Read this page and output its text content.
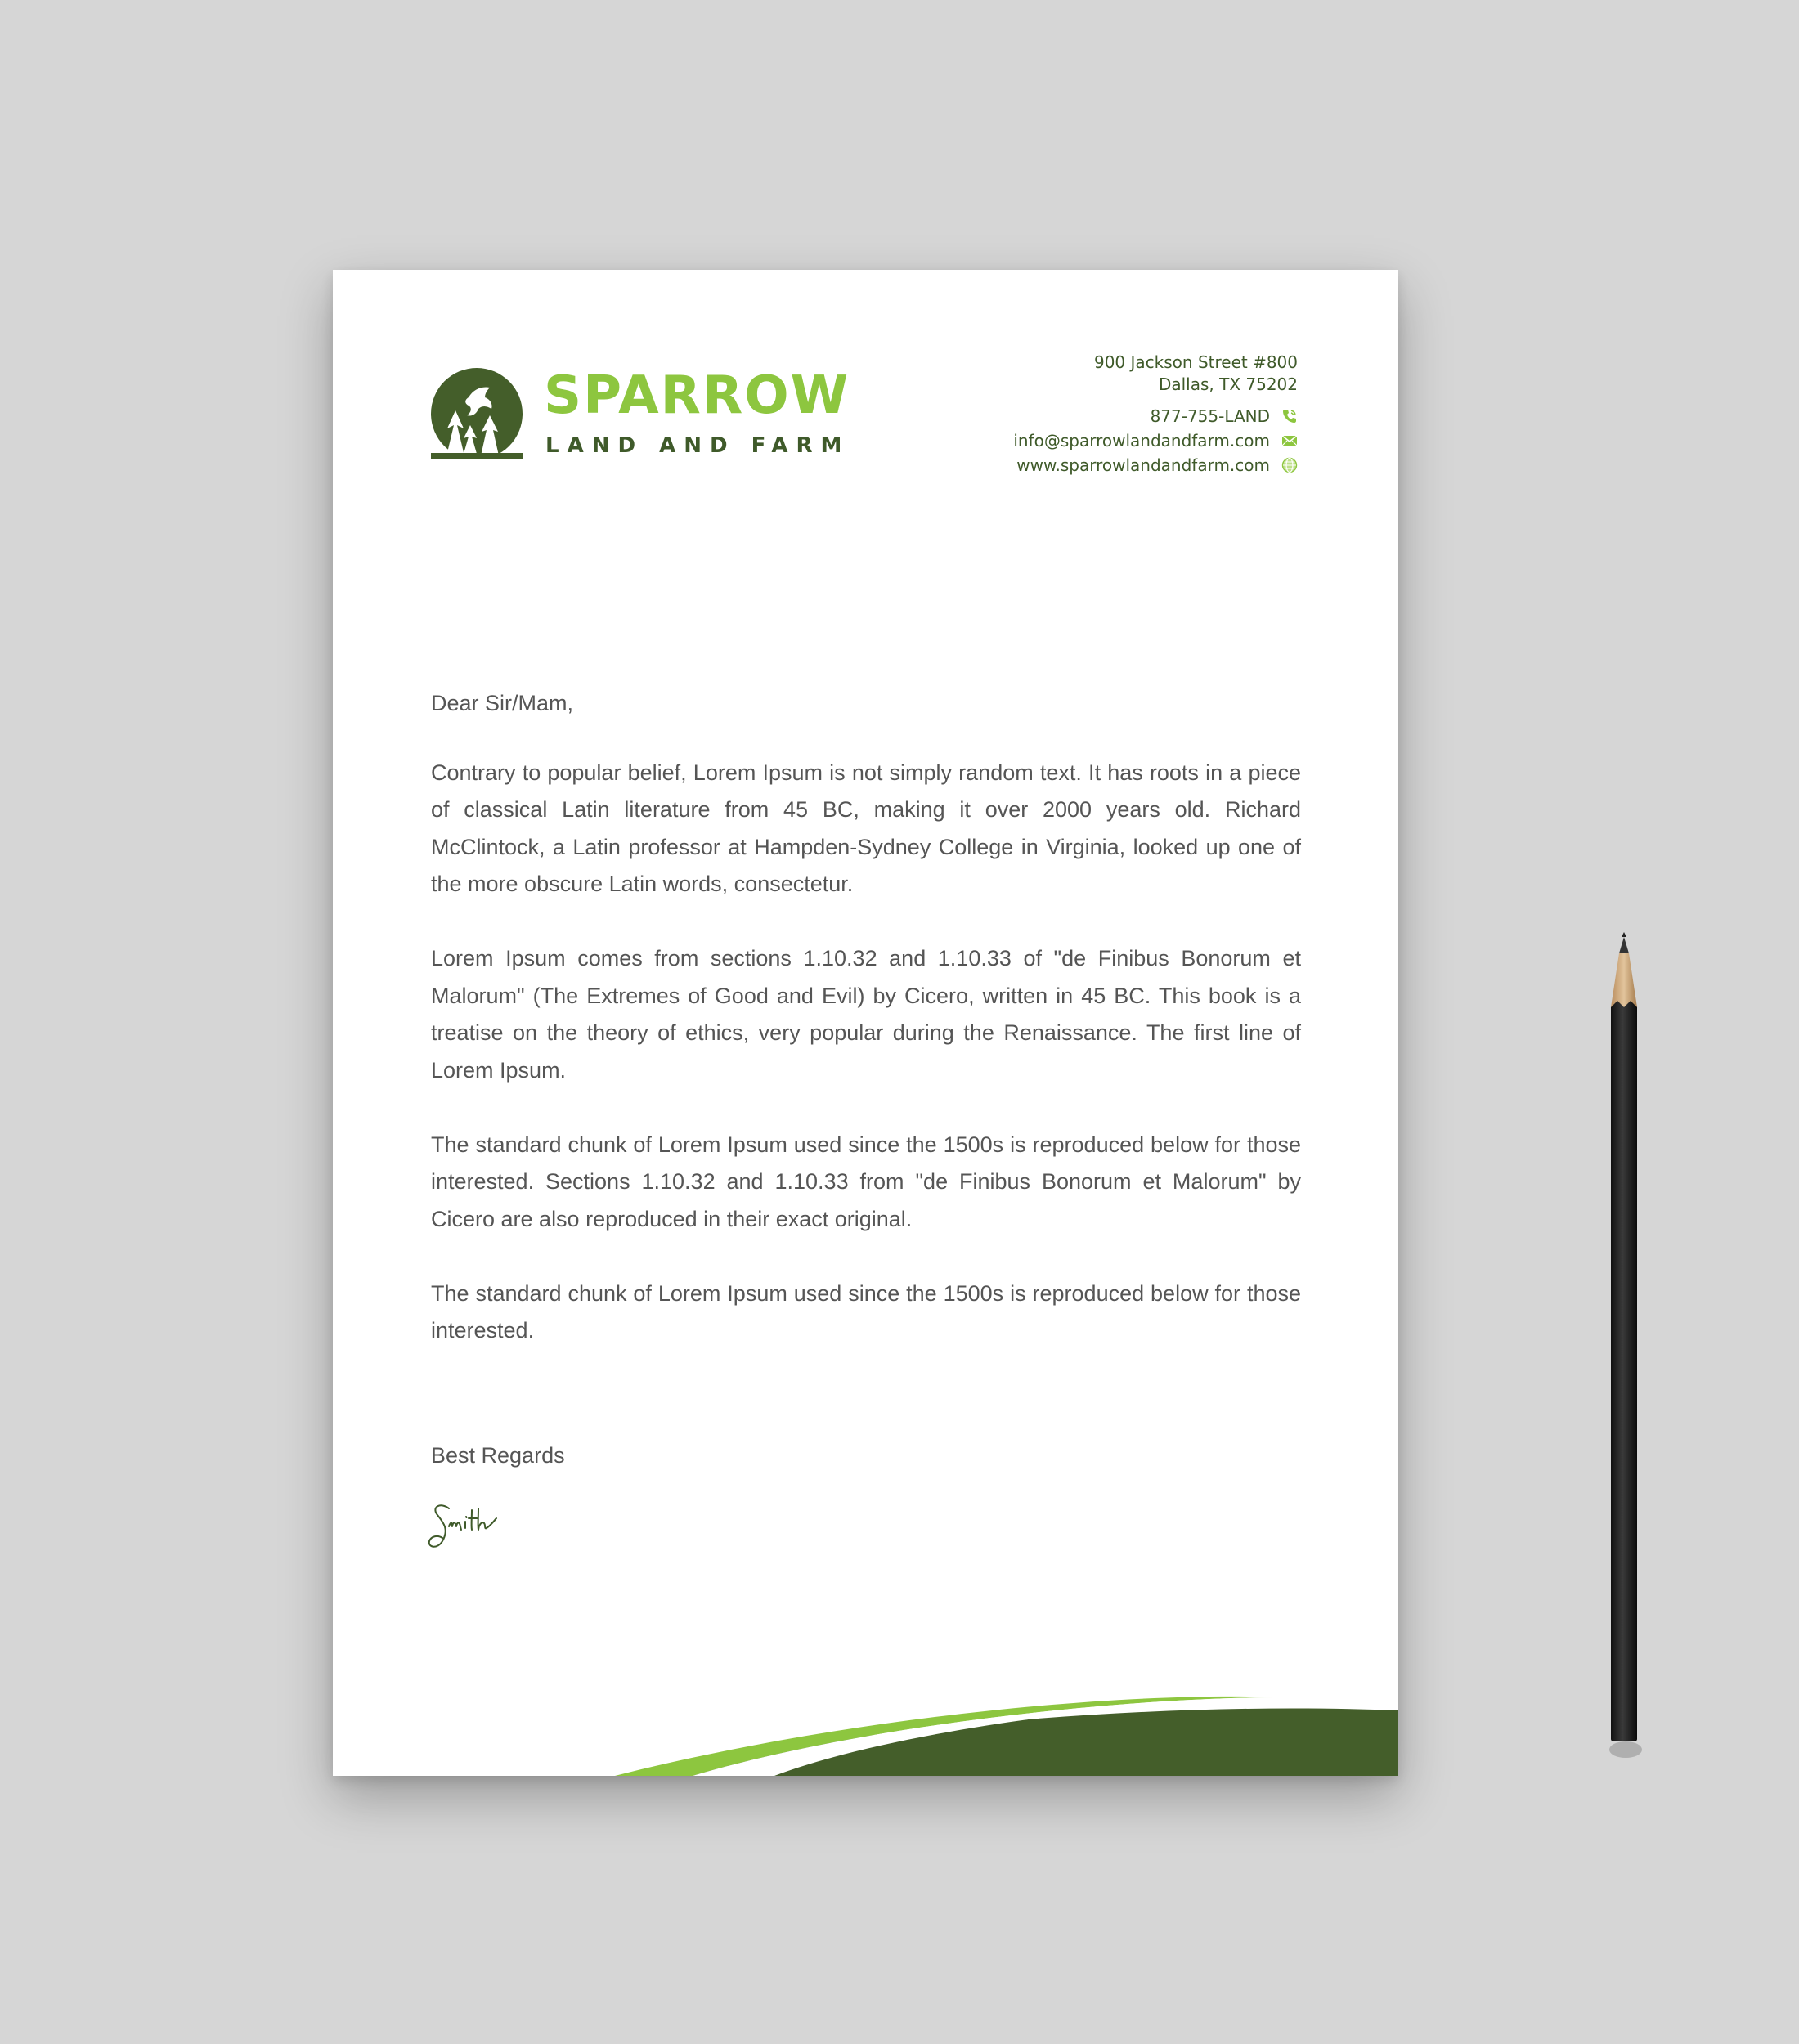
SPARROW
LAND AND FARM
900 Jackson Street #800
Dallas, TX 75202
877-755-LAND
info@sparrowlandandfarm.com
www.sparrowlandandfarm.com

Dear Sir/Mam,

Contrary to popular belief, Lorem Ipsum is not simply random text. It has roots in a piece of classical Latin literature from 45 BC, making it over 2000 years old. Richard McClintock, a Latin professor at Hampden-Sydney College in Virginia, looked up one of the more obscure Latin words, consectetur.

Lorem Ipsum comes from sections 1.10.32 and 1.10.33 of "de Finibus Bonorum et Malorum" (The Extremes of Good and Evil) by Cicero, written in 45 BC. This book is a treatise on the theory of ethics, very popular during the Renaissance. The first line of Lorem Ipsum.

The standard chunk of Lorem Ipsum used since the 1500s is reproduced below for those interested. Sections 1.10.32 and 1.10.33 from "de Finibus Bonorum et Malorum" by Cicero are also reproduced in their exact original.

The standard chunk of Lorem Ipsum used since the 1500s is reproduced below for those interested.

Best Regards
